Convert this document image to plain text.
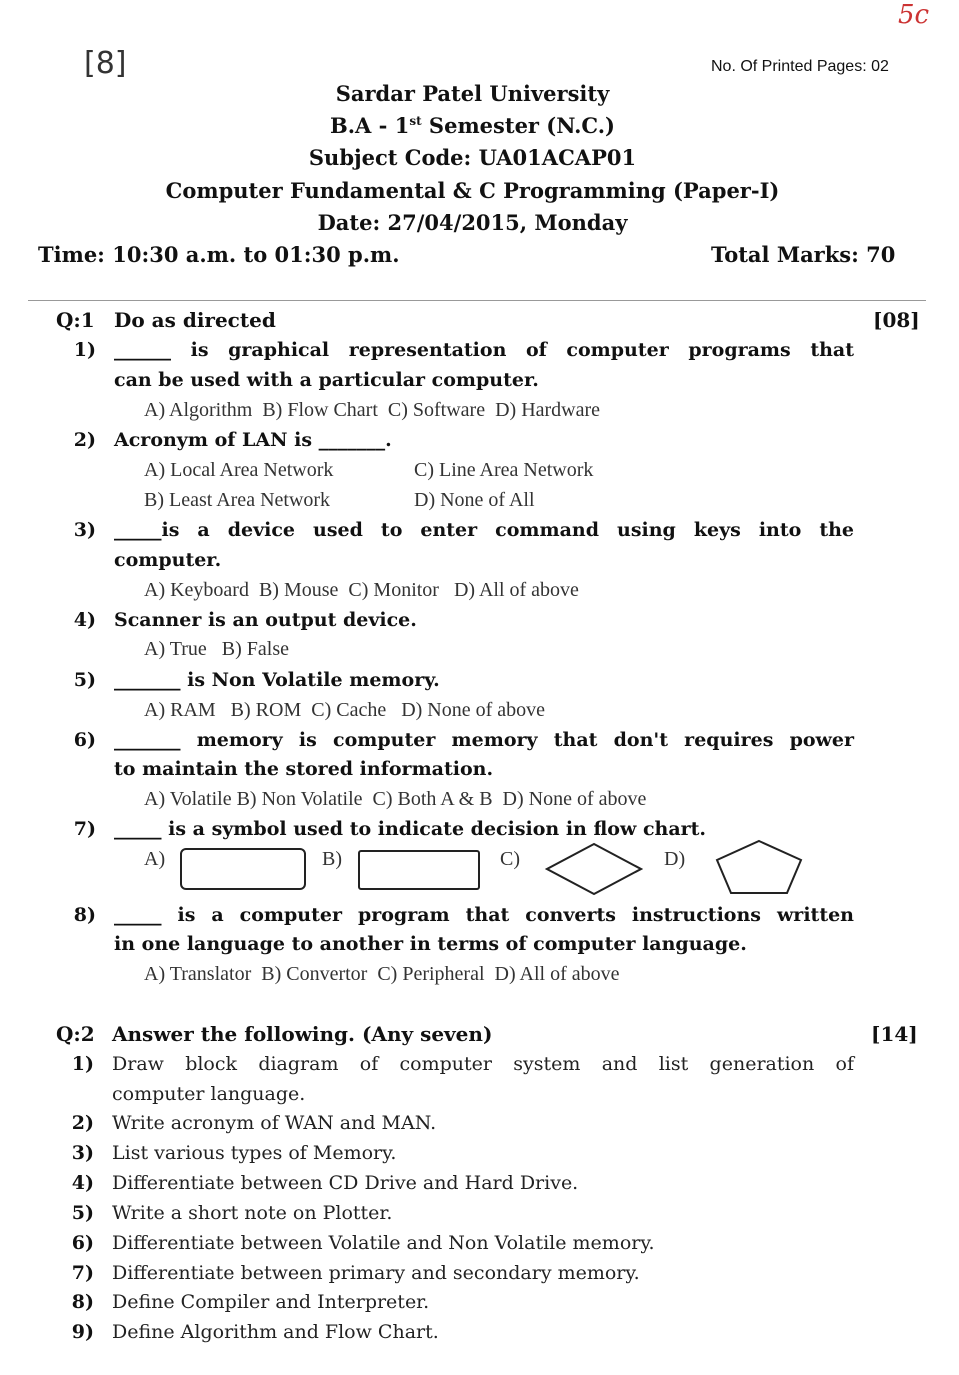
5c
[8]	No. Of Printed Pages: 02
Sardar Patel University
B.A - 1st Semester (N.C.)
Subject Code: UA01ACAP01
Computer Fundamental & C Programming (Paper-I)
Date: 27/04/2015, Monday
Time: 10:30 a.m. to 01:30 p.m.	Total Marks: 70
Q:1 Do as directed	[08]
1) ______ is graphical representation of computer programs that
can be used with a particular computer.
A) Algorithm  B) Flow Chart  C) Software  D) Hardware
2) Acronym of LAN is _______.
A) Local Area Network	C) Line Area Network
B) Least Area Network	D) None of All
3) _____is a device used to enter command using keys into the
computer.
A) Keyboard  B) Mouse  C) Monitor   D) All of above
4) Scanner is an output device.
A) True   B) False
5) _______ is Non Volatile memory.
A) RAM   B) ROM  C) Cache   D) None of above
6) _______ memory is computer memory that don't requires power
to maintain the stored information.
A) Volatile B) Non Volatile  C) Both A & B  D) None of above
7) _____ is a symbol used to indicate decision in flow chart.
A)	B)	C)	D)
8) _____ is a computer program that converts instructions written
in one language to another in terms of computer language.
A) Translator  B) Convertor  C) Peripheral  D) All of above
Q:2 Answer the following. (Any seven)	[14]
1) Draw block diagram of computer system and list generation of
computer language.
2) Write acronym of WAN and MAN.
3) List various types of Memory.
4) Differentiate between CD Drive and Hard Drive.
5) Write a short note on Plotter.
6) Differentiate between Volatile and Non Volatile memory.
7) Differentiate between primary and secondary memory.
8) Define Compiler and Interpreter.
9) Define Algorithm and Flow Chart.
